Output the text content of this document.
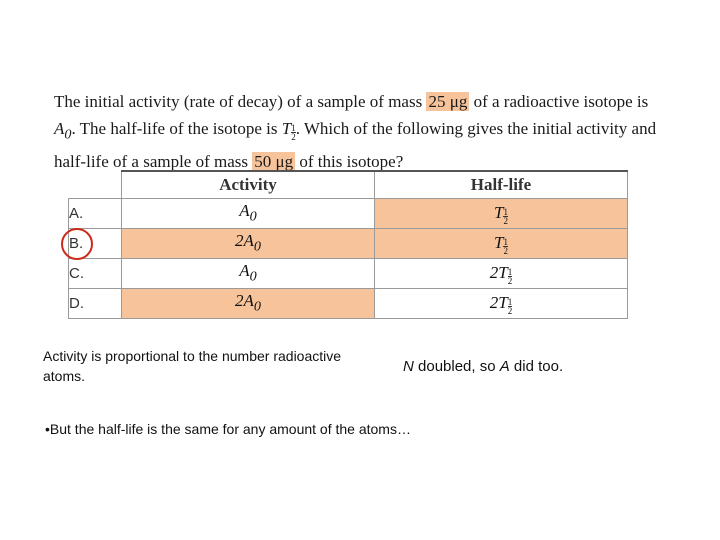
The initial activity (rate of decay) of a sample of mass 25 μg of a radioactive isotope is $A_0$. The half-life of the isotope is T $\frac{1}{2}$ . Which of the following gives the initial activity and half-life of a sample of mass 50 μg of this isotope?
	Activity	Half-life
A.	$A_0$	T $\frac{1}{2}$

B.	$2A_0$	T $\frac{1}{2}$

C.	$A_0$	$2T \frac{1}{2}$

D.	$2A_0$	$2T \frac{1}{2}$
Activity is proportional to the number radioactive atoms.
N doubled, so A did too.
•But the half-life is the same for any amount of the atoms…
